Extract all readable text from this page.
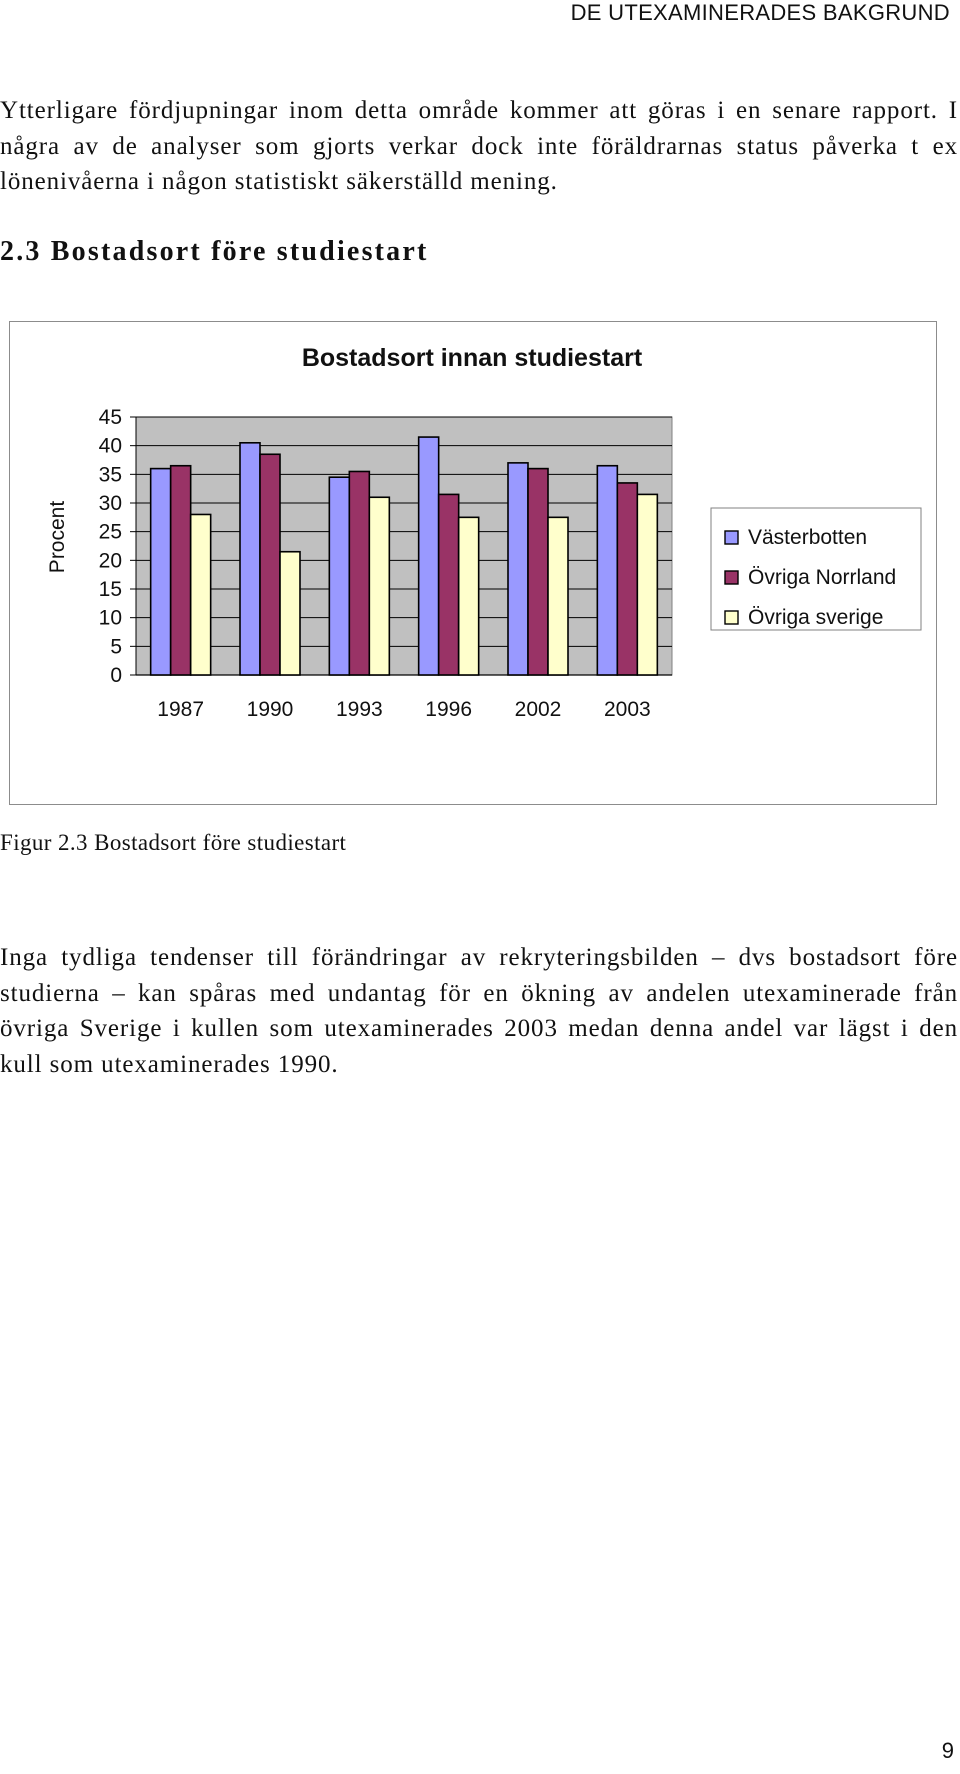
DE UTEXAMINERADES BAKGRUND

Ytterligare fördjupningar inom detta område kommer att göras i en senare rapport. I några av de analyser som gjorts verkar dock inte föräldrarnas status påverka t ex lönenivåerna i någon statistiskt säkerställd mening.

2.3 Bostadsort före studiestart
Bostadsort innan studiestart
Procent
0
5
10
15
20
25
30
35
40
45
1987 1990 1993 1996 2002 2003
Västerbotten
Övriga Norrland
Övriga sverige
Figur 2.3 Bostadsort före studiestart

Inga tydliga tendenser till förändringar av rekryteringsbilden – dvs bostadsort före studierna – kan spåras med undantag för en ökning av andelen utexaminerade från övriga Sverige i kullen som utexaminerades 2003 medan denna andel var lägst i den kull som utexaminerades 1990.

9
